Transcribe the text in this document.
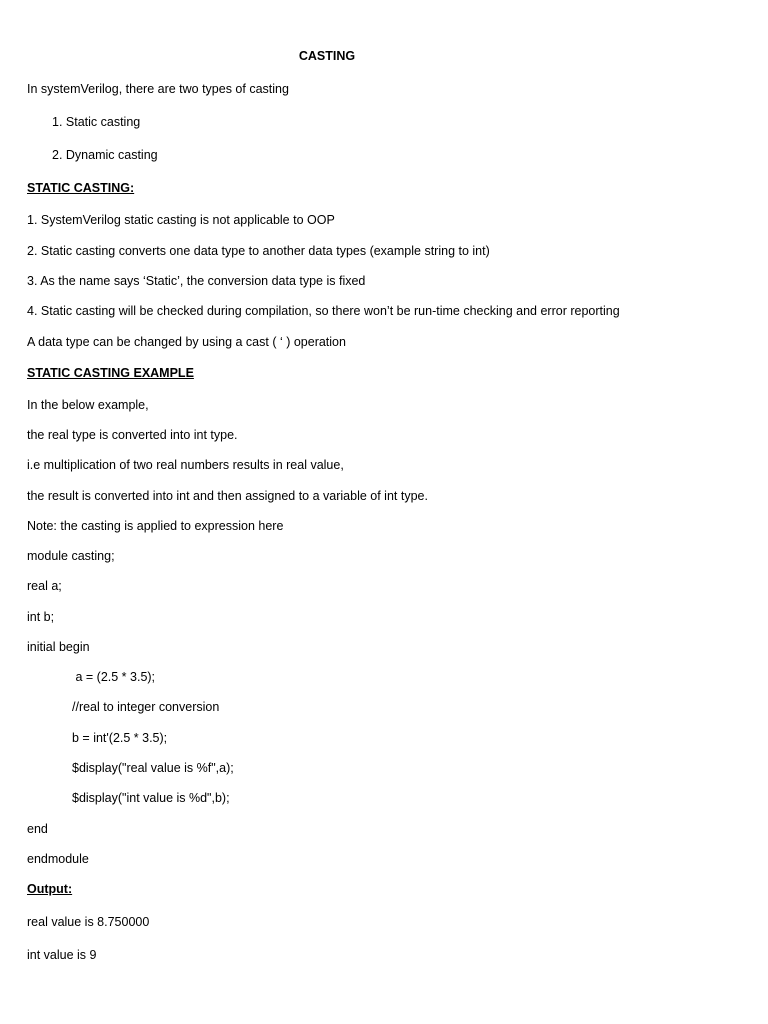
CASTING
In systemVerilog, there are two types of casting
1. Static casting
2. Dynamic casting
STATIC CASTING:
1. SystemVerilog static casting is not applicable to OOP
2. Static casting converts one data type to another data types (example string to int)
3. As the name says ‘Static’, the conversion data type is fixed
4. Static casting will be checked during compilation, so there won’t be run-time checking and error reporting
A data type can be changed by using a cast ( ‘ ) operation
STATIC CASTING EXAMPLE
In the below example,
the real type is converted into int type.
i.e multiplication of two real numbers results in real value,
the result is converted into int and then assigned to a variable of int type.
Note: the casting is applied to expression here
module casting;
real a;
int b;
initial begin
a = (2.5 * 3.5);
//real to integer conversion
b = int'(2.5 * 3.5);
$display("real value is %f",a);
$display("int value is %d",b);
end
endmodule
Output:
real value is 8.750000
int value is 9
